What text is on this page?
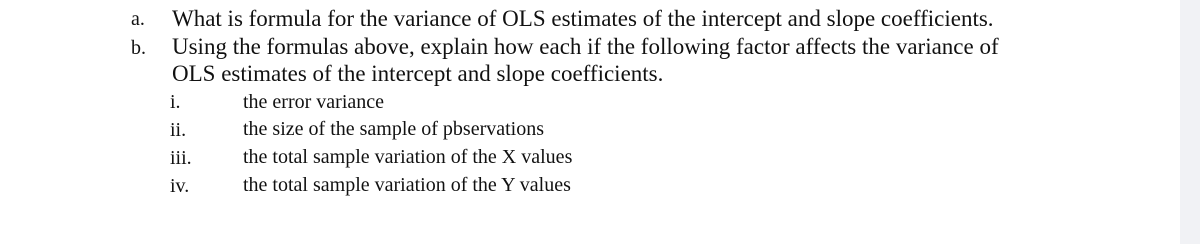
a. What is formula for the variance of OLS estimates of the intercept and slope coefficients.
b. Using the formulas above, explain how each if the following factor affects the variance of
OLS estimates of the intercept and slope coefficients.
i.	the error variance
ii.	the size of the sample of pbservations
iii.	the total sample variation of the X values
iv.	the total sample variation of the Y values
